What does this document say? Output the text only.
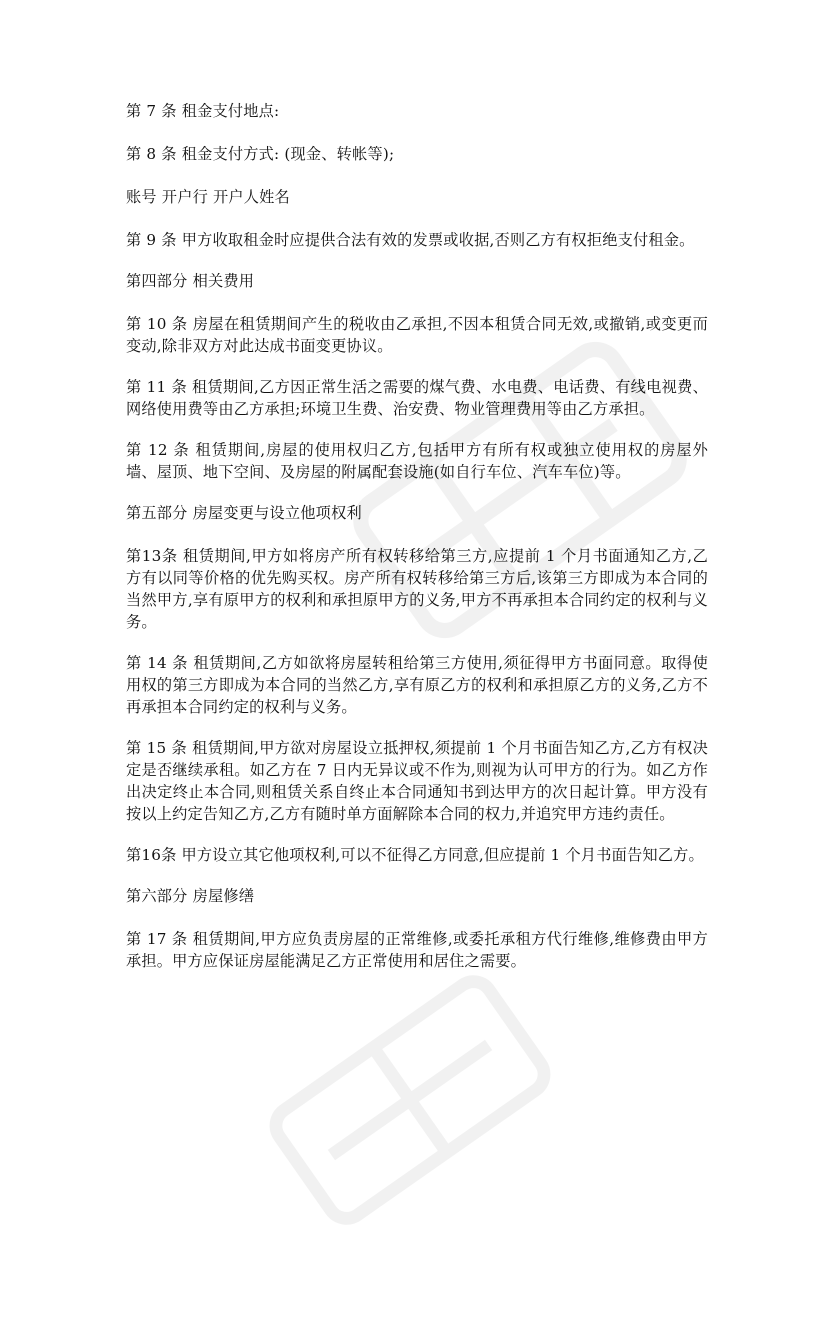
第 7 条 租金支付地点:

第 8 条 租金支付方式: (现金、转帐等);

账号 开户行 开户人姓名

第 9 条 甲方收取租金时应提供合法有效的发票或收据,否则乙方有权拒绝支付租金。

第四部分 相关费用

第 10 条 房屋在租赁期间产生的税收由乙承担,不因本租赁合同无效,或撤销,或变更而变动,除非双方对此达成书面变更协议。

第 11 条 租赁期间,乙方因正常生活之需要的煤气费、水电费、电话费、有线电视费、网络使用费等由乙方承担;环境卫生费、治安费、物业管理费用等由乙方承担。

第 12 条 租赁期间,房屋的使用权归乙方,包括甲方有所有权或独立使用权的房屋外墙、屋顶、地下空间、及房屋的附属配套设施(如自行车位、汽车车位)等。

第五部分 房屋变更与设立他项权利

第13条 租赁期间,甲方如将房产所有权转移给第三方,应提前 1 个月书面通知乙方,乙方有以同等价格的优先购买权。房产所有权转移给第三方后,该第三方即成为本合同的当然甲方,享有原甲方的权利和承担原甲方的义务,甲方不再承担本合同约定的权利与义务。

第 14 条 租赁期间,乙方如欲将房屋转租给第三方使用,须征得甲方书面同意。取得使用权的第三方即成为本合同的当然乙方,享有原乙方的权利和承担原乙方的义务,乙方不再承担本合同约定的权利与义务。

第 15 条 租赁期间,甲方欲对房屋设立抵押权,须提前 1 个月书面告知乙方,乙方有权决定是否继续承租。如乙方在 7 日内无异议或不作为,则视为认可甲方的行为。如乙方作出决定终止本合同,则租赁关系自终止本合同通知书到达甲方的次日起计算。甲方没有按以上约定告知乙方,乙方有随时单方面解除本合同的权力,并追究甲方违约责任。

第16条 甲方设立其它他项权利,可以不征得乙方同意,但应提前 1 个月书面告知乙方。

第六部分 房屋修缮

第 17 条 租赁期间,甲方应负责房屋的正常维修,或委托承租方代行维修,维修费由甲方承担。甲方应保证房屋能满足乙方正常使用和居住之需要。
